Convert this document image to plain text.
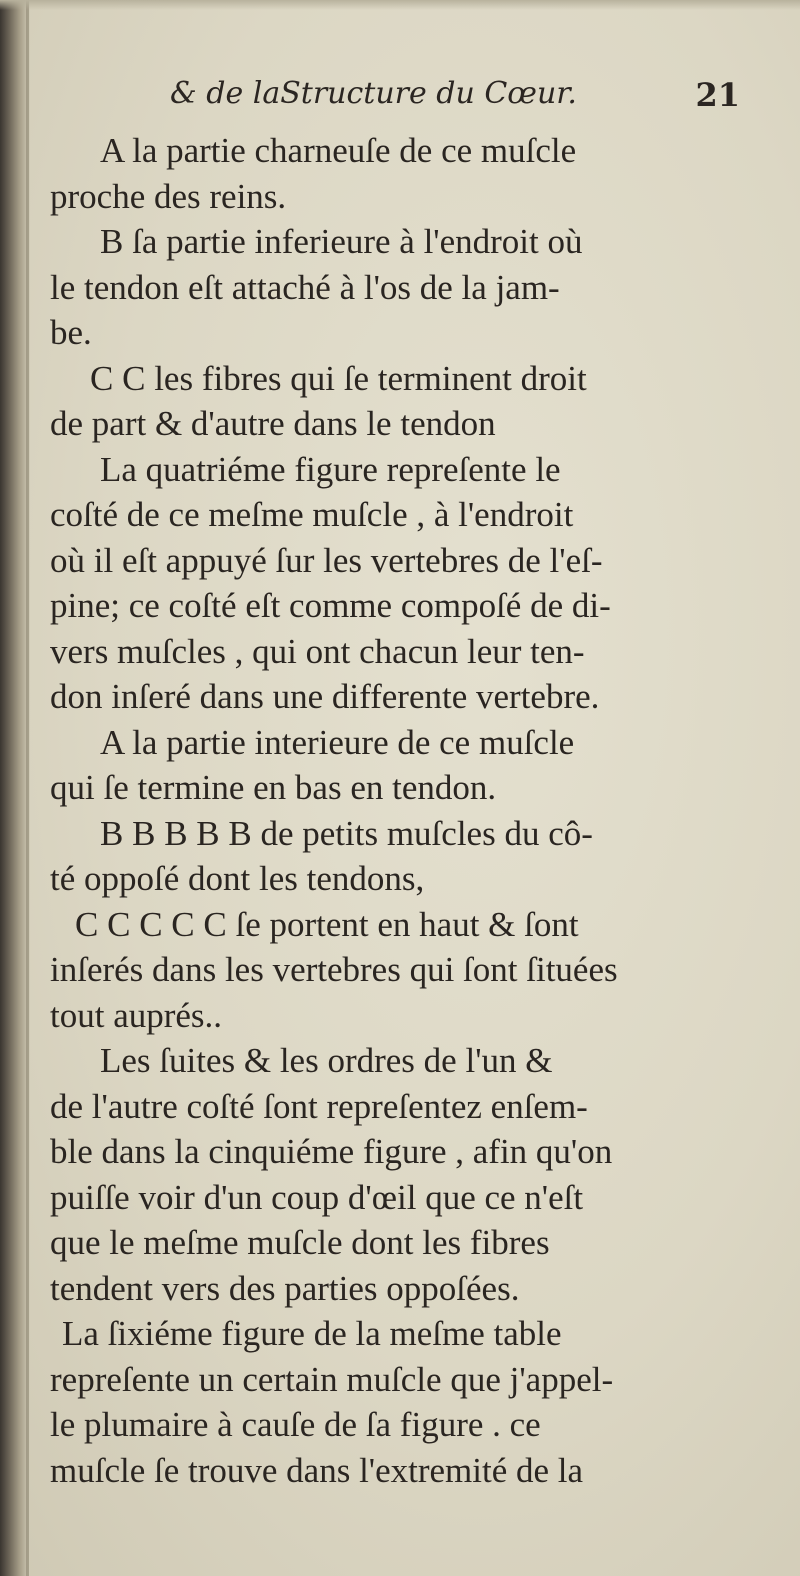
& de laStructure du Cœur.	21
A la partie charneuſe de ce muſcle
proche des reins.
B ſa partie inferieure à l'endroit où
le tendon eſt attaché à l'os de la jam-
be.
C C les fibres qui ſe terminent droit
de part & d'autre dans le tendon
La quatriéme figure repreſente le
coſté de ce meſme muſcle , à l'endroit
où il eſt appuyé ſur les vertebres de l'eſ-
pine; ce coſté eſt comme compoſé de di-
vers muſcles , qui ont chacun leur ten-
don inſeré dans une differente vertebre.
A la partie interieure de ce muſcle
qui ſe termine en bas en tendon.
B B B B B de petits muſcles du cô-
té oppoſé dont les tendons,
C C C C C ſe portent en haut & ſont
inſerés dans les vertebres qui ſont ſituées
tout auprés..
Les ſuites & les ordres de l'un &
de l'autre coſté ſont repreſentez enſem-
ble dans la cinquiéme figure , afin qu'on
puiſſe voir d'un coup d'œil que ce n'eſt
que le meſme muſcle dont les fibres
tendent vers des parties oppoſées.
La ſixiéme figure de la meſme table
repreſente un certain muſcle que j'appel-
le plumaire à cauſe de ſa figure . ce
muſcle ſe trouve dans l'extremité de la
